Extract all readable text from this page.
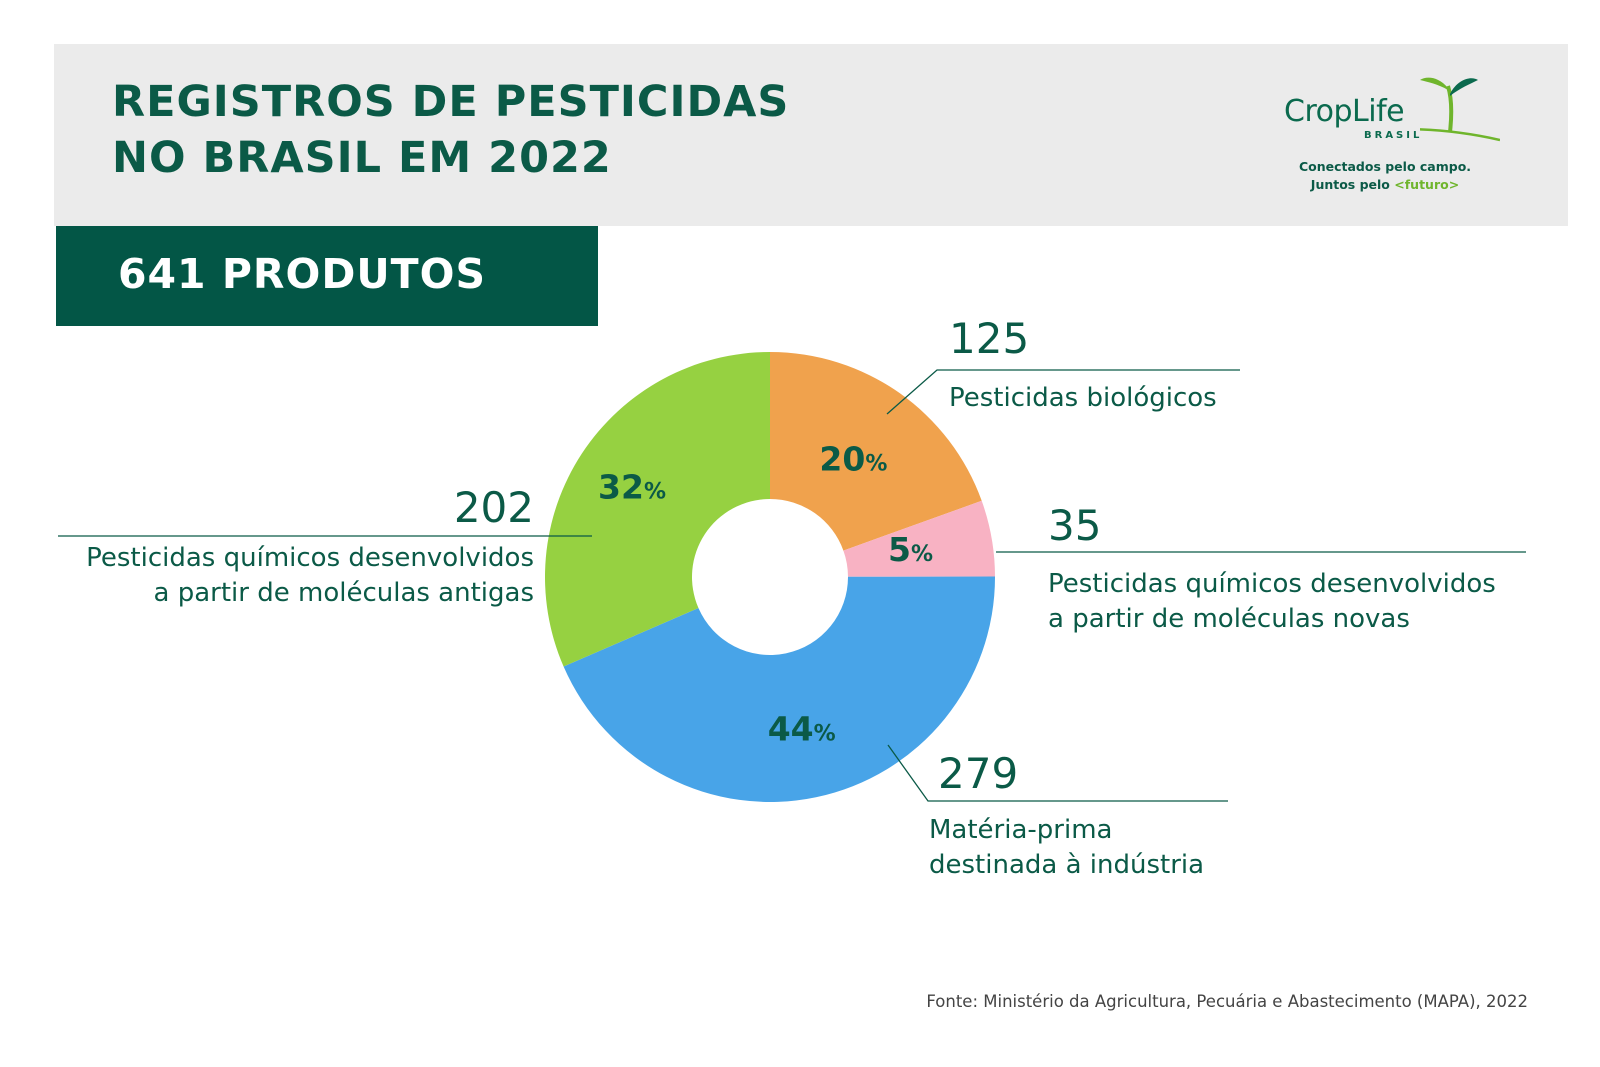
REGISTROS DE PESTICIDAS
NO BRASIL EM 2022
CropLife
BRASIL
Conectados pelo campo.
Juntos pelo <futuro>

641 PRODUTOS

20%
5%
44%
32%
125
Pesticidas biológicos
35
Pesticidas químicos desenvolvidos
a partir de moléculas novas
279
Matéria-prima
destinada à indústria
202
Pesticidas químicos desenvolvidos
a partir de moléculas antigas

Fonte: Ministério da Agricultura, Pecuária e Abastecimento (MAPA), 2022
